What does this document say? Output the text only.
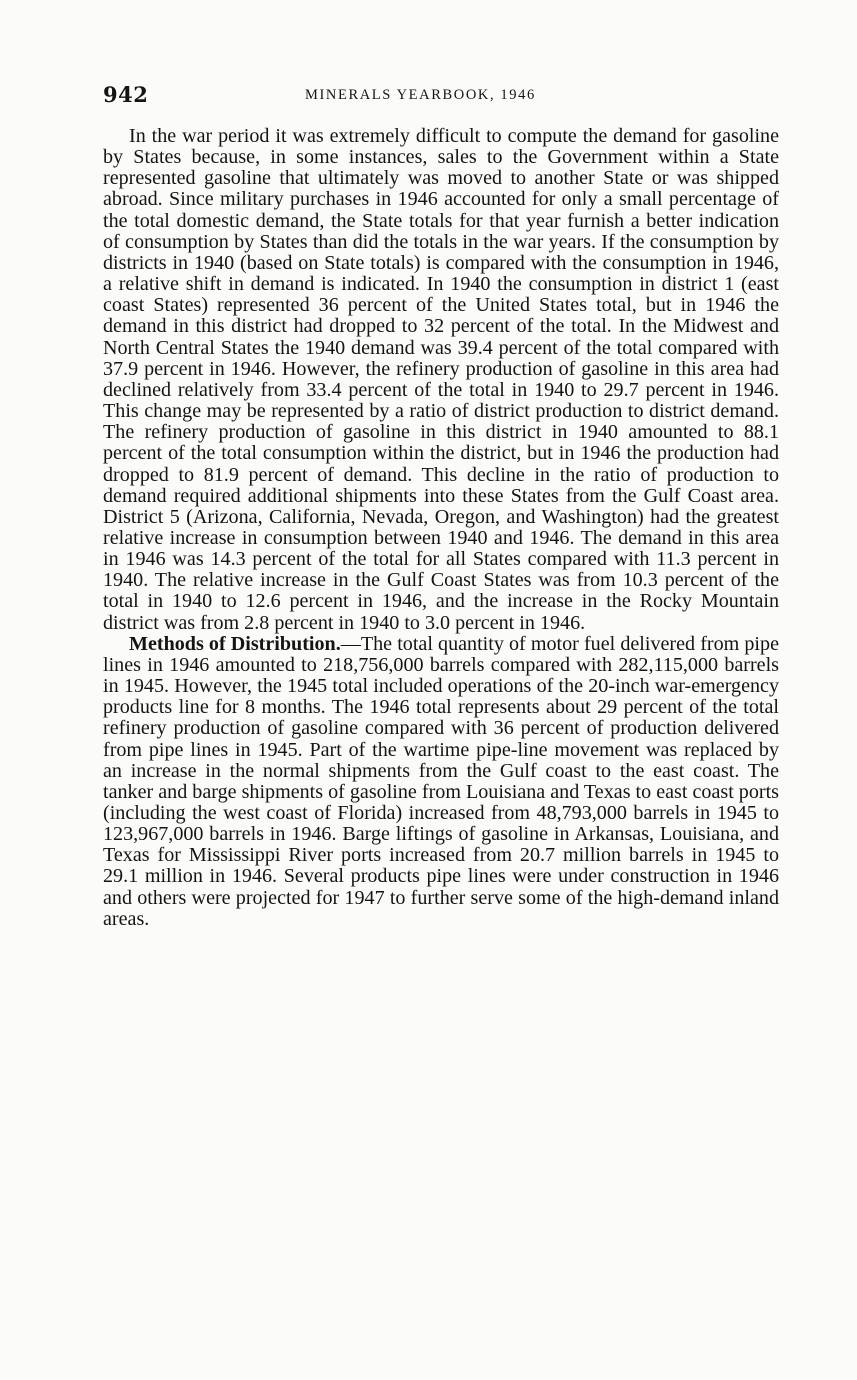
942	MINERALS YEARBOOK, 1946

In the war period it was extremely difficult to compute the demand for gasoline by States because, in some instances, sales to the Government within a State represented gasoline that ultimately was moved to another State or was shipped abroad. Since military purchases in 1946 accounted for only a small percentage of the total domestic demand, the State totals for that year furnish a better indication of consumption by States than did the totals in the war years. If the consumption by districts in 1940 (based on State totals) is compared with the consumption in 1946, a relative shift in demand is indicated. In 1940 the consumption in district 1 (east coast States) represented 36 percent of the United States total, but in 1946 the demand in this district had dropped to 32 percent of the total. In the Midwest and North Central States the 1940 demand was 39.4 percent of the total compared with 37.9 percent in 1946. However, the refinery production of gasoline in this area had declined relatively from 33.4 percent of the total in 1940 to 29.7 percent in 1946. This change may be represented by a ratio of district production to district demand. The refinery production of gasoline in this district in 1940 amounted to 88.1 percent of the total consumption within the district, but in 1946 the production had dropped to 81.9 percent of demand. This decline in the ratio of production to demand required additional shipments into these States from the Gulf Coast area. District 5 (Arizona, California, Nevada, Oregon, and Washington) had the greatest relative increase in consumption between 1940 and 1946. The demand in this area in 1946 was 14.3 percent of the total for all States compared with 11.3 percent in 1940. The relative increase in the Gulf Coast States was from 10.3 percent of the total in 1940 to 12.6 percent in 1946, and the increase in the Rocky Mountain district was from 2.8 percent in 1940 to 3.0 percent in 1946.

Methods of Distribution.—The total quantity of motor fuel delivered from pipe lines in 1946 amounted to 218,756,000 barrels compared with 282,115,000 barrels in 1945. However, the 1945 total included operations of the 20-inch war-emergency products line for 8 months. The 1946 total represents about 29 percent of the total refinery production of gasoline compared with 36 percent of production delivered from pipe lines in 1945. Part of the wartime pipe-line movement was replaced by an increase in the normal shipments from the Gulf coast to the east coast. The tanker and barge shipments of gasoline from Louisiana and Texas to east coast ports (including the west coast of Florida) increased from 48,793,000 barrels in 1945 to 123,967,000 barrels in 1946. Barge liftings of gasoline in Arkansas, Louisiana, and Texas for Mississippi River ports increased from 20.7 million barrels in 1945 to 29.1 million in 1946. Several products pipe lines were under construction in 1946 and others were projected for 1947 to further serve some of the high-demand inland areas.
